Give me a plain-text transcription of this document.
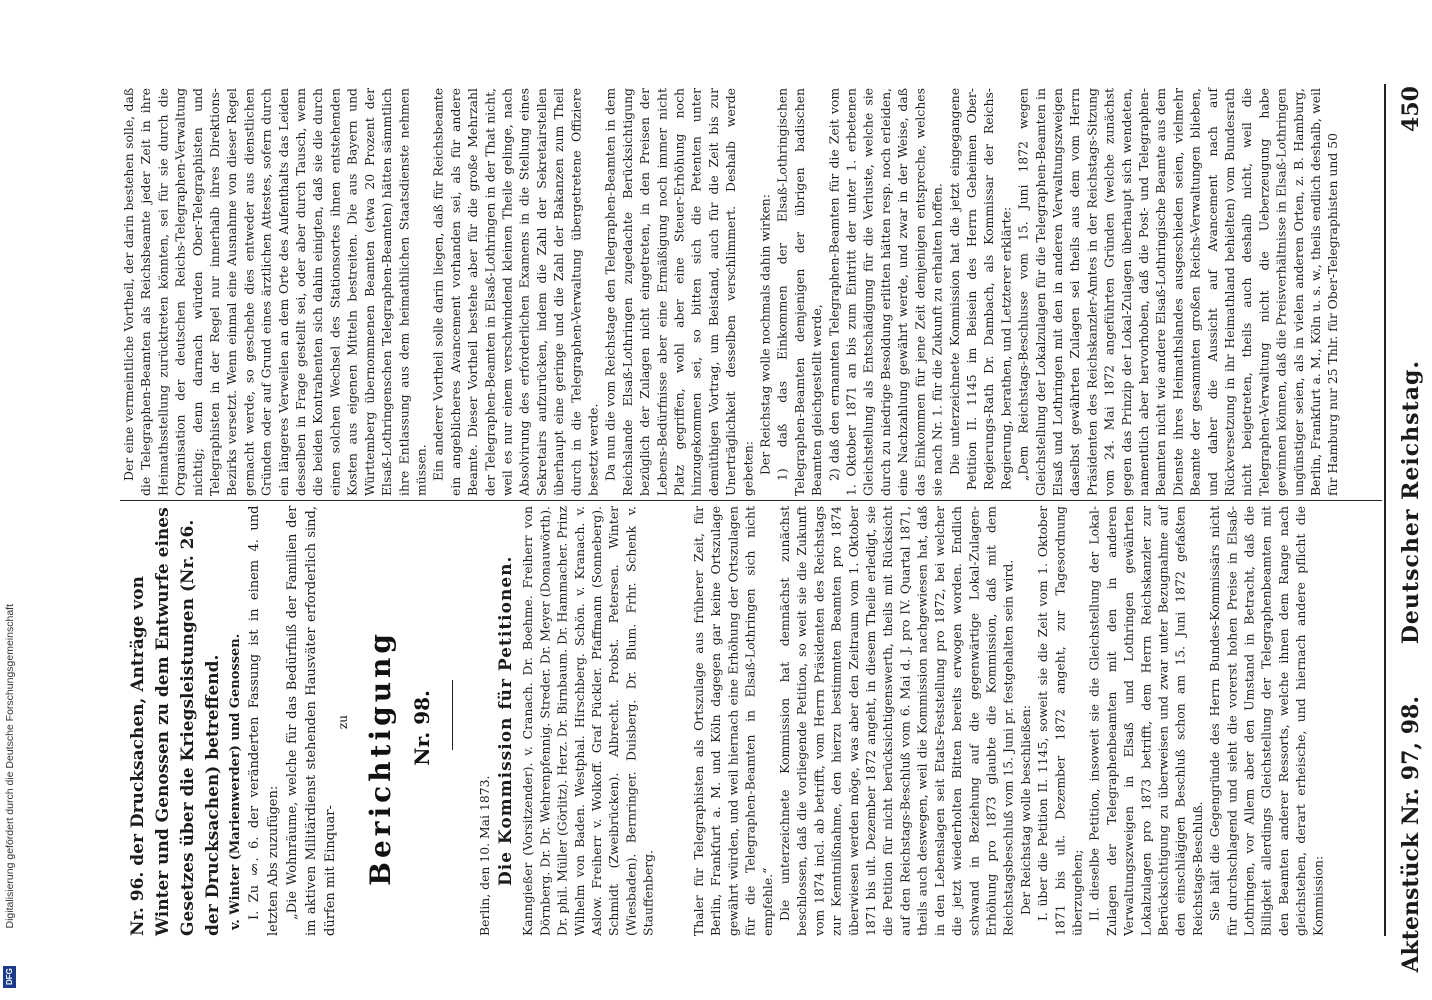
450
Deutscher Reichstag.
Aktenstück Nr. 97, 98.

Der eine vermeintliche Vortheil, der darin bestehen solle, daß die Telegraphen-Beamten als Reichsbeamte jeder Zeit in ihre Heimathsstellung zurücktreten könnten, sei für sie durch die Organisation der deutschen Reichs-Telegraphen-Verwaltung nichtig; denn darnach würden Ober-Telegraphisten und Telegraphisten in der Regel nur innerhalb ihres Direktions-Bezirks versetzt. Wenn einmal eine Ausnahme von dieser Regel gemacht werde, so geschehe dies entweder aus dienstlichen Gründen oder auf Grund eines ärztlichen Attestes, sofern durch ein längeres Verweilen an dem Orte des Aufenthalts das Leiden desselben in Frage gestellt sei, oder aber durch Tausch, wenn die beiden Kontrahenten sich dahin einigten, daß sie die durch einen solchen Wechsel des Stationsortes ihnen entstehenden Kosten aus eigenen Mitteln bestreiten. Die aus Bayern und Württemberg übernommenen Beamten (etwa 20 Prozent der Elsaß-Lothringenschen Telegraphen-Beamten) hätten sämmtlich ihre Entlassung aus dem heimathlichen Staatsdienste nehmen müssen. Ein anderer Vortheil solle darin liegen, daß für Reichsbeamte ein angeblicheres Avancement vorhanden sei, als für andere Beamte. Dieser Vortheil bestehe aber für die große Mehrzahl der Telegraphen-Beamten in Elsaß-Lothringen in der That nicht, weil es nur einem verschwindend kleinen Theile gelinge, nach Absolvirung des erforderlichen Examens in die Stellung eines Sekretairs aufzurücken, indem die Zahl der Sekretairstellen überhaupt eine geringe und die Zahl der Bakanzen zum Theil durch in die Telegraphen-Verwaltung übergetretene Offiziere besetzt werde. Da nun die vom Reichstage den Telegraphen-Beamten in dem Reichslande Elsaß-Lothringen zugedachte Berücksichtigung bezüglich der Zulagen nicht eingetreten, in den Preisen der Lebens-Bedürfnisse aber eine Ermäßigung noch immer nicht Platz gegriffen, wohl aber eine Steuer-Erhöhung noch hinzugekommen sei, so bitten sich die Petenten unter demüthigen Vortrag, um Beistand, auch für die Zeit bis zur Unerträglichkeit desselben verschlimmert. Deshalb werde gebeten: Der Reichstag wolle nochmals dahin wirken: 1) daß das Einkommen der Elsaß-Lothringischen Telegraphen-Beamten demjenigen der übrigen badischen Beamten gleichgestellt werde, 2) daß den ernannten Telegraphen-Beamten für die Zeit vom 1. Oktober 1871 an bis zum Eintritt der unter 1. erbetenen Gleichstellung als Entschädigung für die Verluste, welche sie durch zu niedrige Besoldung erlitten hätten resp. noch erleiden, eine Nachzahlung gewährt werde, und zwar in der Weise, daß das Einkommen für jene Zeit demjenigen entspreche, welches sie nach Nr. 1. für die Zukunft zu erhalten hoffen. Die unterzeichnete Kommission hat die jetzt eingegangene Petition II. 1145 im Beisein des Herrn Geheimen Ober-Regierungs-Rath Dr. Dambach, als Kommissar der Reichs-Regierung, berathen, und Letzterer erklärte: „Dem Reichstags-Beschlusse vom 15. Juni 1872 wegen Gleichstellung der Lokalzulagen für die Telegraphen-Beamten in Elsaß und Lothringen mit den in anderen Verwaltungszweigen daselbst gewährten Zulagen sei theils aus dem vom Herrn Präsidenten des Reichskanzler-Amtes in der Reichstags-Sitzung vom 24. Mai 1872 angeführten Gründen (welche zunächst gegen das Prinzip der Lokal-Zulagen überhaupt sich wendeten, namentlich aber hervorhoben, daß die Post- und Telegraphen-Beamten nicht wie andere Elsaß-Lothringische Beamte aus dem Dienste ihres Heimathslandes ausgeschieden seien, vielmehr Beamte der gesammten großen Reichs-Verwaltungen blieben, und daher die Aussicht auf Avancement nach auf Rückversetzung in ihr Heimathland behielten) vom Bundesrath nicht beigetreten, theils auch deshalb nicht, weil die Telegraphen-Verwaltung nicht die Ueberzeugung habe gewinnen können, daß die Preisverhältnisse in Elsaß-Lothringen ungünstiger seien, als in vielen anderen Orten, z. B. Hamburg, Berlin, Frankfurt a. M., Köln u. s. w., theils endlich deshalb, weil für Hamburg nur 25 Thlr. für Ober-Telegraphisten und 50

Thaler für Telegraphisten als Ortszulage aus früherer Zeit, für Berlin, Frankfurt a. M. und Köln dagegen gar keine Ortszulage gewährt würden, und weil hiernach eine Erhöhung der Ortszulagen für die Telegraphen-Beamten in Elsaß-Lothringen sich nicht empfehle.“ Die unterzeichnete Kommission hat demnächst zunächst beschlossen, daß die vorliegende Petition, so weit sie die Zukunft vom 1874 incl. ab betrifft, vom Herrn Präsidenten des Reichstags zur Kenntnißnahme, den hierzu bestimmten Beamten pro 1874 überwiesen werden möge, was aber den Zeitraum vom 1. Oktober 1871 bis ult. Dezember 1872 angeht, in diesem Theile erledigt, sie die Petition für nicht berücksichtigenswerth, theils mit Rücksicht auf den Reichstags-Beschluß vom 6. Mai d. J. pro IV. Quartal 1871, theils auch deswegen, weil die Kommission nachgewiesen hat, daß in den Lebenslagen seit Etats-Feststellung pro 1872, bei welcher die jetzt wiederholten Bitten bereits erwogen worden. Endlich schwand in Beziehung auf die gegenwärtige Lokal-Zulagen-Erhöhung pro 1873 glaubte die Kommission, daß mit dem Reichstagsbeschluß vom 15. Juni pr. festgehalten sein wird. Der Reichstag wolle beschließen: I. über die Petition II. 1145, soweit sie die Zeit vom 1. Oktober 1871 bis ult. Dezember 1872 angeht, zur Tagesordnung überzugehen; II. dieselbe Petition, insoweit sie die Gleichstellung der Lokal-Zulagen der Telegraphenbeamten mit den in anderen Verwaltungszweigen in Elsaß und Lothringen gewährten Lokalzulagen pro 1873 betrifft, dem Herrn Reichskanzler zur Berücksichtigung zu überweisen und zwar unter Bezugnahme auf den einschlägigen Beschluß schon am 15. Juni 1872 gefaßten Reichstags-Beschluß. Sie hält die Gegengründe des Herrn Bundes-Kommissärs nicht für durchschlagend und sieht die vorerst hohen Preise in Elsaß-Lothringen, vor Allem aber den Umstand in Betracht, daß die Billigkeit allerdings Gleichstellung der Telegraphenbeamten mit den Beamten anderer Ressorts, welche ihnen dem Range nach gleichstehen, derart erheische, und hiernach andere pflicht die Kommission:

Berlin, den 10. Mai 1873. Die Kommission für Petitionen. Kanngießer (Vorsitzender). v. Cranach. Dr. Boehme. Freiherr von Dörnberg. Dr. Dr. Wehrenpfennig. Streder. Dr. Meyer (Donauwörth). Dr. phil. Müller (Görlitz). Herz. Dr. Birnbaum. Dr. Hammacher. Prinz Wilhelm von Baden. Westphal. Hirschberg. Schön. v. Kranach. v. Aslow. Freiherr v. Wolkoff. Graf Pückler. Pfaffmann (Sonneberg). Schmidt (Zweibrücken). Albrecht. Probst. Petersen. Winter (Wiesbaden). Bernringer. Duisberg. Dr. Blum. Frhr. Schenk v. Stauffenberg.

Nr. 98.
Berichtigung
zu

Nr. 96. der Drucksachen, Anträge von Winter und Genossen zu dem Entwurfe eines Gesetzes über die Kriegsleistungen (Nr. 26. der Drucksachen) betreffend. v. Winter (Marienwerder) und Genossen. I. Zu §. 6. der veränderten Fassung ist in einem 4. und letzten Abs zuzufügen: „Die Wohnräume, welche für das Bedürfniß der Familien der im aktiven Militärdienst stehenden Hausväter erforderlich sind, dürfen mit Einquar-

Digitalisierung gefördert durch die Deutsche Forschungsgemeinschaft
DFG
